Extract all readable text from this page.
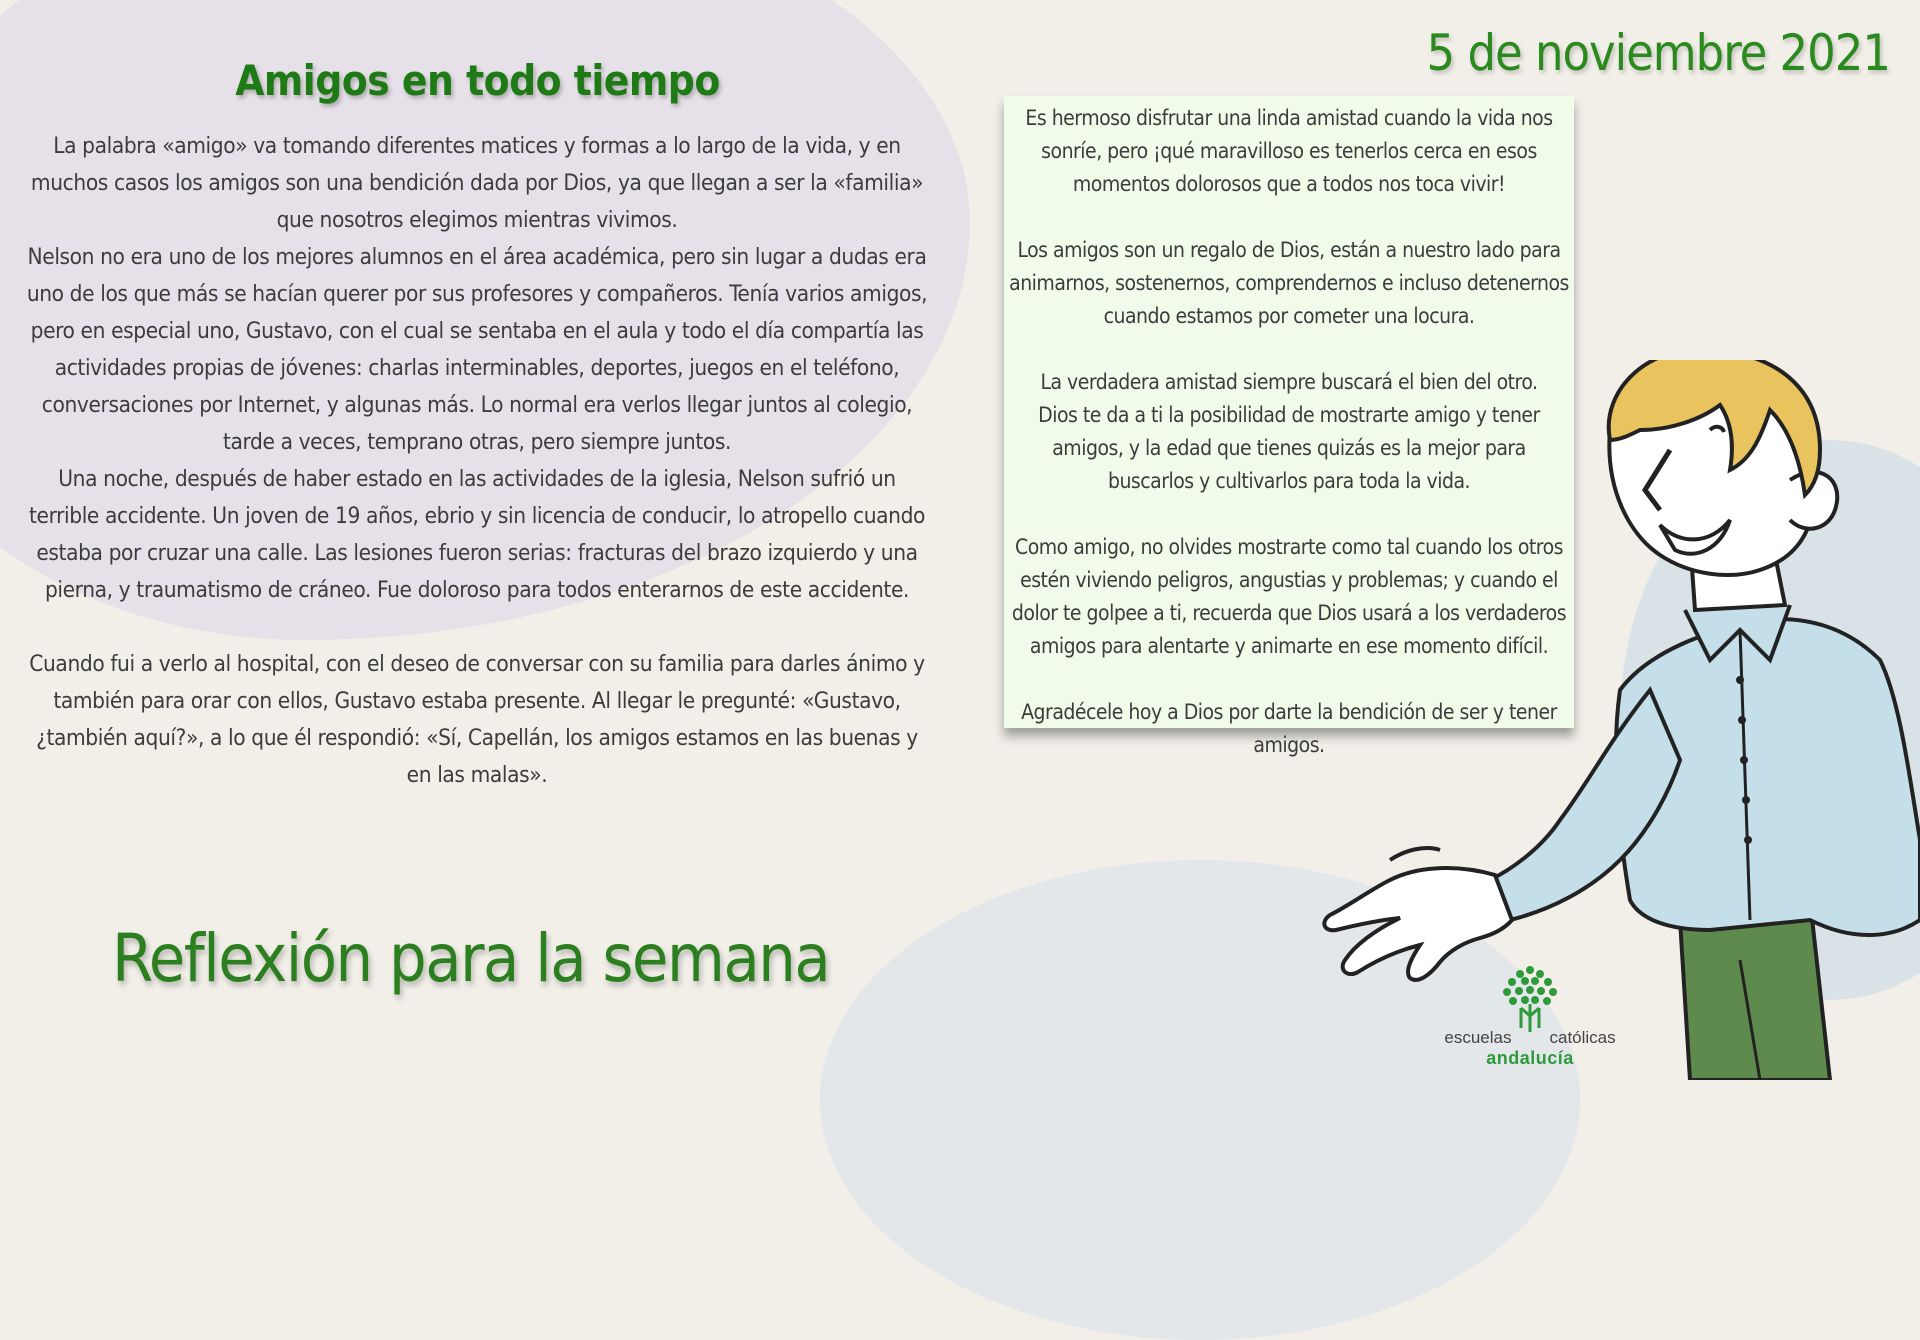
Amigos en todo tiempo	5 de noviembre 2021

La palabra «amigo» va tomando diferentes matices y formas a lo largo de la vida, y en muchos casos los amigos son una bendición dada por Dios, ya que llegan a ser la «familia» que nosotros elegimos mientras vivimos.

Nelson no era uno de los mejores alumnos en el área académica, pero sin lugar a dudas era uno de los que más se hacían querer por sus profesores y compañeros. Tenía varios amigos, pero en especial uno, Gustavo, con el cual se sentaba en el aula y todo el día compartía las actividades propias de jóvenes: charlas interminables, deportes, juegos en el teléfono, conversaciones por Internet, y algunas más. Lo normal era verlos llegar juntos al colegio, tarde a veces, temprano otras, pero siempre juntos.

Una noche, después de haber estado en las actividades de la iglesia, Nelson sufrió un terrible accidente. Un joven de 19 años, ebrio y sin licencia de conducir, lo atropello cuando estaba por cruzar una calle. Las lesiones fueron serias: fracturas del brazo izquierdo y una pierna, y traumatismo de cráneo. Fue doloroso para todos enterarnos de este accidente.

Cuando fui a verlo al hospital, con el deseo de conversar con su familia para darles ánimo y también para orar con ellos, Gustavo estaba presente. Al llegar le pregunté: «Gustavo, ¿también aquí?», a lo que él respondió: «Sí, Capellán, los amigos estamos en las buenas y en las malas».

Reflexión para la semana

Es hermoso disfrutar una linda amistad cuando la vida nos sonríe, pero ¡qué maravilloso es tenerlos cerca en esos momentos dolorosos que a todos nos toca vivir!

Los amigos son un regalo de Dios, están a nuestro lado para animarnos, sostenernos, comprendernos e incluso detenernos cuando estamos por cometer una locura.

La verdadera amistad siempre buscará el bien del otro.

Dios te da a ti la posibilidad de mostrarte amigo y tener amigos, y la edad que tienes quizás es la mejor para buscarlos y cultivarlos para toda la vida.

Como amigo, no olvides mostrarte como tal cuando los otros estén viviendo peligros, angustias y problemas; y cuando el dolor te golpee a ti, recuerda que Dios usará a los verdaderos amigos para alentarte y animarte en ese momento difícil.

Agradécele hoy a Dios por darte la bendición de ser y tener amigos.

escuelas católicas
andalucía
